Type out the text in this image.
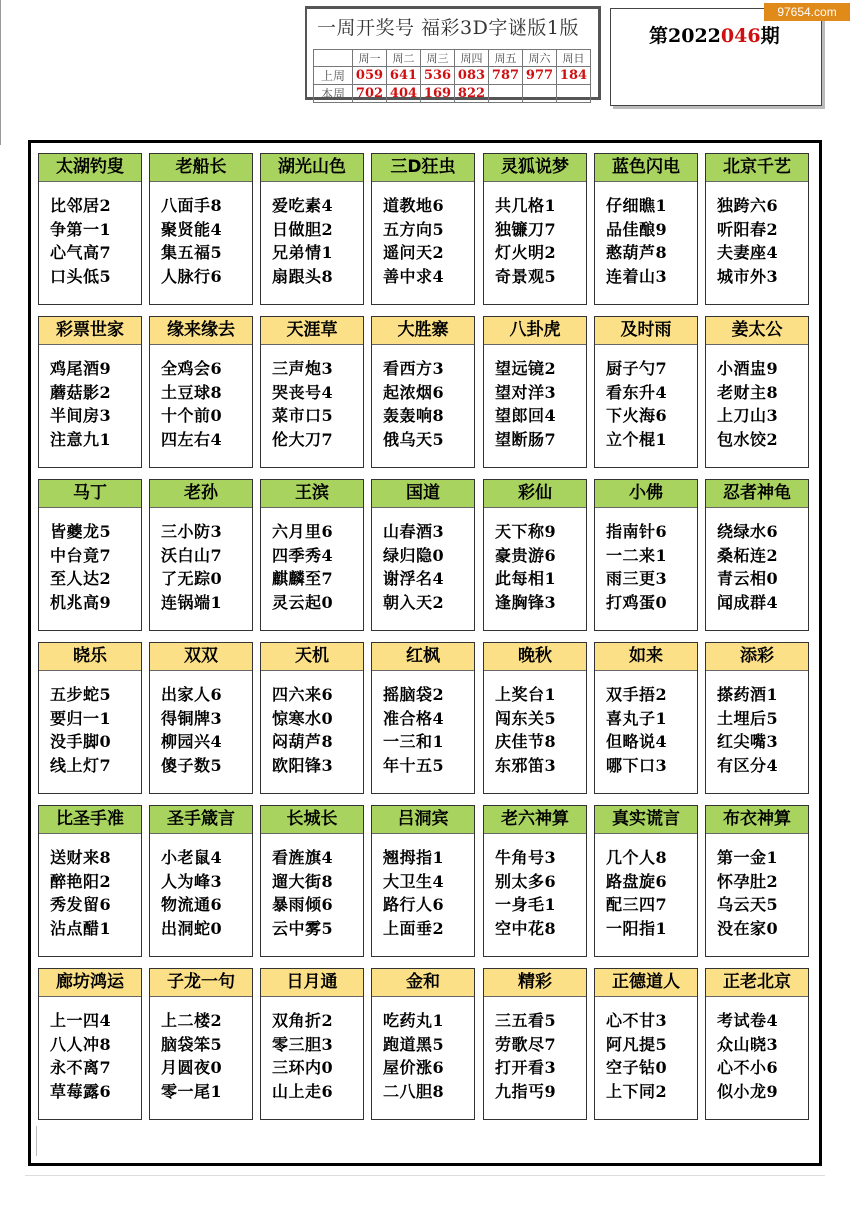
一周开奖号 福彩3D字谜版1版
	周一	周二	周三	周四	周五	周六	周日
上周	059	641	536	083	787	977	184
本周	702	404	169	822			
第2022046期
97654.com
太湖钓叟
比邻居2
争第一1
心气高7
口头低5
老船长
八面手8
聚贤能4
集五福5
人脉行6
湖光山色
爱吃素4
日做胆2
兄弟情1
扇跟头8
三D狂虫
道教地6
五方向5
遥问天2
善中求4
灵狐说梦
共几格1
独镰刀7
灯火明2
奇景观5
蓝色闪电
仔细瞧1
品佳酿9
憨葫芦8
连着山3
北京千艺
独跨六6
听阳春2
夫妻座4
城市外3
彩票世家
鸡尾酒9
蘑菇影2
半间房3
注意九1
缘来缘去
全鸡会6
土豆球8
十个前0
四左右4
天涯草
三声炮3
哭丧号4
菜市口5
伦大刀7
大胜寨
看西方3
起浓烟6
轰轰响8
俄乌天5
八卦虎
望远镜2
望对洋3
望郎回4
望断肠7
及时雨
厨子勺7
看东升4
下火海6
立个棍1
姜太公
小酒盅9
老财主8
上刀山3
包水饺2
马丁
皆夔龙5
中台竟7
至人达2
机兆高9
老孙
三小防3
沃白山7
了无踪0
连锅端1
王滨
六月里6
四季秀4
麒麟至7
灵云起0
国道
山春酒3
绿归隐0
谢浮名4
朝入天2
彩仙
天下称9
豪贵游6
此每相1
逢胸锋3
小佛
指南针6
一二来1
雨三更3
打鸡蛋0
忍者神龟
绕绿水6
桑柘连2
青云相0
闻成群4
晓乐
五步蛇5
要归一1
没手脚0
线上灯7
双双
出家人6
得铜牌3
柳园兴4
傻子数5
天机
四六来6
惊寒水0
闷葫芦8
欧阳锋3
红枫
摇脑袋2
准合格4
一三和1
年十五5
晚秋
上奖台1
闯东关5
庆佳节8
东邪笛3
如来
双手捂2
喜丸子1
但略说4
哪下口3
添彩
搽药酒1
土埋后5
红尖嘴3
有区分4
比圣手准
送财来8
醉艳阳2
秀发留6
沾点醋1
圣手箴言
小老鼠4
人为峰3
物流通6
出洞蛇0
长城长
看旌旗4
遛大街8
暴雨倾6
云中雾5
吕洞宾
翘拇指1
大卫生4
路行人6
上面垂2
老六神算
牛角号3
别太多6
一身毛1
空中花8
真实谎言
几个人8
路盘旋6
配三四7
一阳指1
布衣神算
第一金1
怀孕肚2
乌云天5
没在家0
廊坊鸿运
上一四4
八人冲8
永不离7
草莓露6
子龙一句
上二楼2
脑袋笨5
月圆夜0
零一尾1
日月通
双角折2
零三胆3
三环内0
山上走6
金和
吃药丸1
跑道黑5
屋价涨6
二八胆8
精彩
三五看5
劳歌尽7
打开看3
九指丐9
正德道人
心不甘3
阿凡提5
空子钻0
上下同2
正老北京
考试卷4
众山晓3
心不小6
似小龙9
